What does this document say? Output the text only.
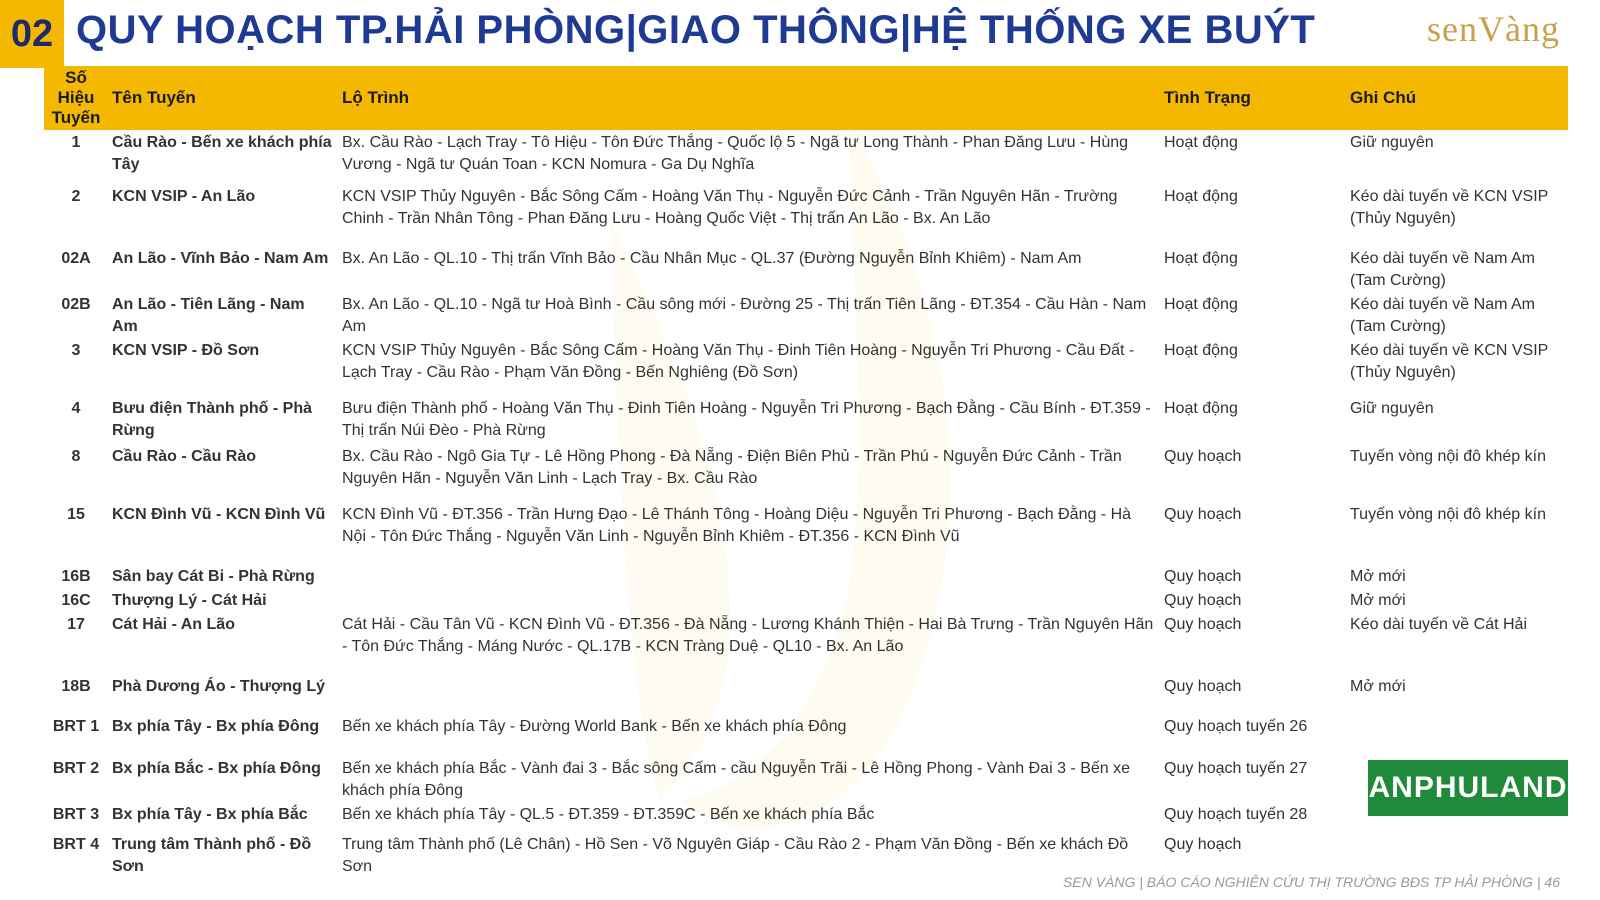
02 QUY HOẠCH TP.HẢI PHÒNG|GIAO THÔNG|HỆ THỐNG XE BUÝT	senVàng
Số Hiệu Tuyến	Tên Tuyến	Lộ Trình	Tình Trạng	Ghi Chú
1	Cầu Rào - Bến xe khách phía Tây	Bx. Cầu Rào - Lạch Tray - Tô Hiệu - Tôn Đức Thắng - Quốc lộ 5 - Ngã tư Long Thành - Phan Đăng Lưu - Hùng Vương - Ngã tư Quán Toan - KCN Nomura - Ga Dụ Nghĩa	Hoạt động	Giữ nguyên
2	KCN VSIP - An Lão	KCN VSIP Thủy Nguyên - Bắc Sông Cấm - Hoàng Văn Thụ - Nguyễn Đức Cảnh - Trần Nguyên Hãn - Trường Chinh - Trần Nhân Tông - Phan Đăng Lưu - Hoàng Quốc Việt - Thị trấn An Lão - Bx. An Lão	Hoạt động	Kéo dài tuyến về KCN VSIP (Thủy Nguyên)
02A	An Lão - Vĩnh Bảo - Nam Am	Bx. An Lão - QL.10 - Thị trấn Vĩnh Bảo - Cầu Nhân Mục - QL.37 (Đường Nguyễn Bỉnh Khiêm) - Nam Am	Hoạt động	Kéo dài tuyến về Nam Am (Tam Cường)
02B	An Lão - Tiên Lãng - Nam Am	Bx. An Lão - QL.10 - Ngã tư Hoà Bình - Cầu sông mới - Đường 25 - Thị trấn Tiên Lãng - ĐT.354 - Cầu Hàn - Nam Am	Hoạt động	Kéo dài tuyến về Nam Am (Tam Cường)
3	KCN VSIP - Đồ Sơn	KCN VSIP Thủy Nguyên - Bắc Sông Cấm - Hoàng Văn Thụ - Đinh Tiên Hoàng - Nguyễn Tri Phương - Cầu Đất - Lạch Tray - Cầu Rào - Phạm Văn Đồng - Bến Nghiêng (Đồ Sơn)	Hoạt động	Kéo dài tuyến về KCN VSIP (Thủy Nguyên)
4	Bưu điện Thành phố - Phà Rừng	Bưu điện Thành phố - Hoàng Văn Thụ - Đinh Tiên Hoàng - Nguyễn Tri Phương - Bạch Đằng - Cầu Bính - ĐT.359 - Thị trấn Núi Đèo - Phà Rừng	Hoạt động	Giữ nguyên
8	Cầu Rào - Cầu Rào	Bx. Cầu Rào - Ngô Gia Tự - Lê Hồng Phong - Đà Nẵng - Điện Biên Phủ - Trần Phú - Nguyễn Đức Cảnh - Trần Nguyên Hãn - Nguyễn Văn Linh - Lạch Tray - Bx. Cầu Rào	Quy hoạch	Tuyến vòng nội đô khép kín
15	KCN Đình Vũ - KCN Đình Vũ	KCN Đình Vũ - ĐT.356 - Trần Hưng Đạo - Lê Thánh Tông - Hoàng Diệu - Nguyễn Tri Phương - Bạch Đằng - Hà Nội - Tôn Đức Thắng - Nguyễn Văn Linh - Nguyễn Bỉnh Khiêm - ĐT.356 - KCN Đình Vũ	Quy hoạch	Tuyến vòng nội đô khép kín
16B	Sân bay Cát Bi - Phà Rừng		Quy hoạch	Mở mới
16C	Thượng Lý - Cát Hải		Quy hoạch	Mở mới
17	Cát Hải - An Lão	Cát Hải - Cầu Tân Vũ - KCN Đình Vũ - ĐT.356 - Đà Nẵng - Lương Khánh Thiện - Hai Bà Trưng - Trần Nguyên Hãn - Tôn Đức Thắng - Máng Nước - QL.17B - KCN Tràng Duệ - QL10 - Bx. An Lão	Quy hoạch	Kéo dài tuyến về Cát Hải
18B	Phà Dương Áo - Thượng Lý		Quy hoạch	Mở mới
BRT 1	Bx phía Tây - Bx phía Đông	Bến xe khách phía Tây - Đường World Bank - Bến xe khách phía Đông	Quy hoạch tuyến 26	
BRT 2	Bx phía Bắc - Bx phía Đông	Bến xe khách phía Bắc - Vành đai 3 - Bắc sông Cấm - cầu Nguyễn Trãi - Lê Hồng Phong - Vành Đai 3 - Bến xe khách phía Đông	Quy hoạch tuyến 27	
BRT 3	Bx phía Tây - Bx phía Bắc	Bến xe khách phía Tây - QL.5 - ĐT.359 - ĐT.359C - Bến xe khách phía Bắc	Quy hoạch tuyến 28	
BRT 4	Trung tâm Thành phố - Đồ Sơn	Trung tâm Thành phố (Lê Chân) - Hồ Sen - Võ Nguyên Giáp - Cầu Rào 2 - Phạm Văn Đồng - Bến xe khách Đồ Sơn	Quy hoạch	
ANPHULAND
SEN VÀNG | BÁO CÁO NGHIÊN CỨU THỊ TRƯỜNG BĐS TP HẢI PHÒNG | 46
